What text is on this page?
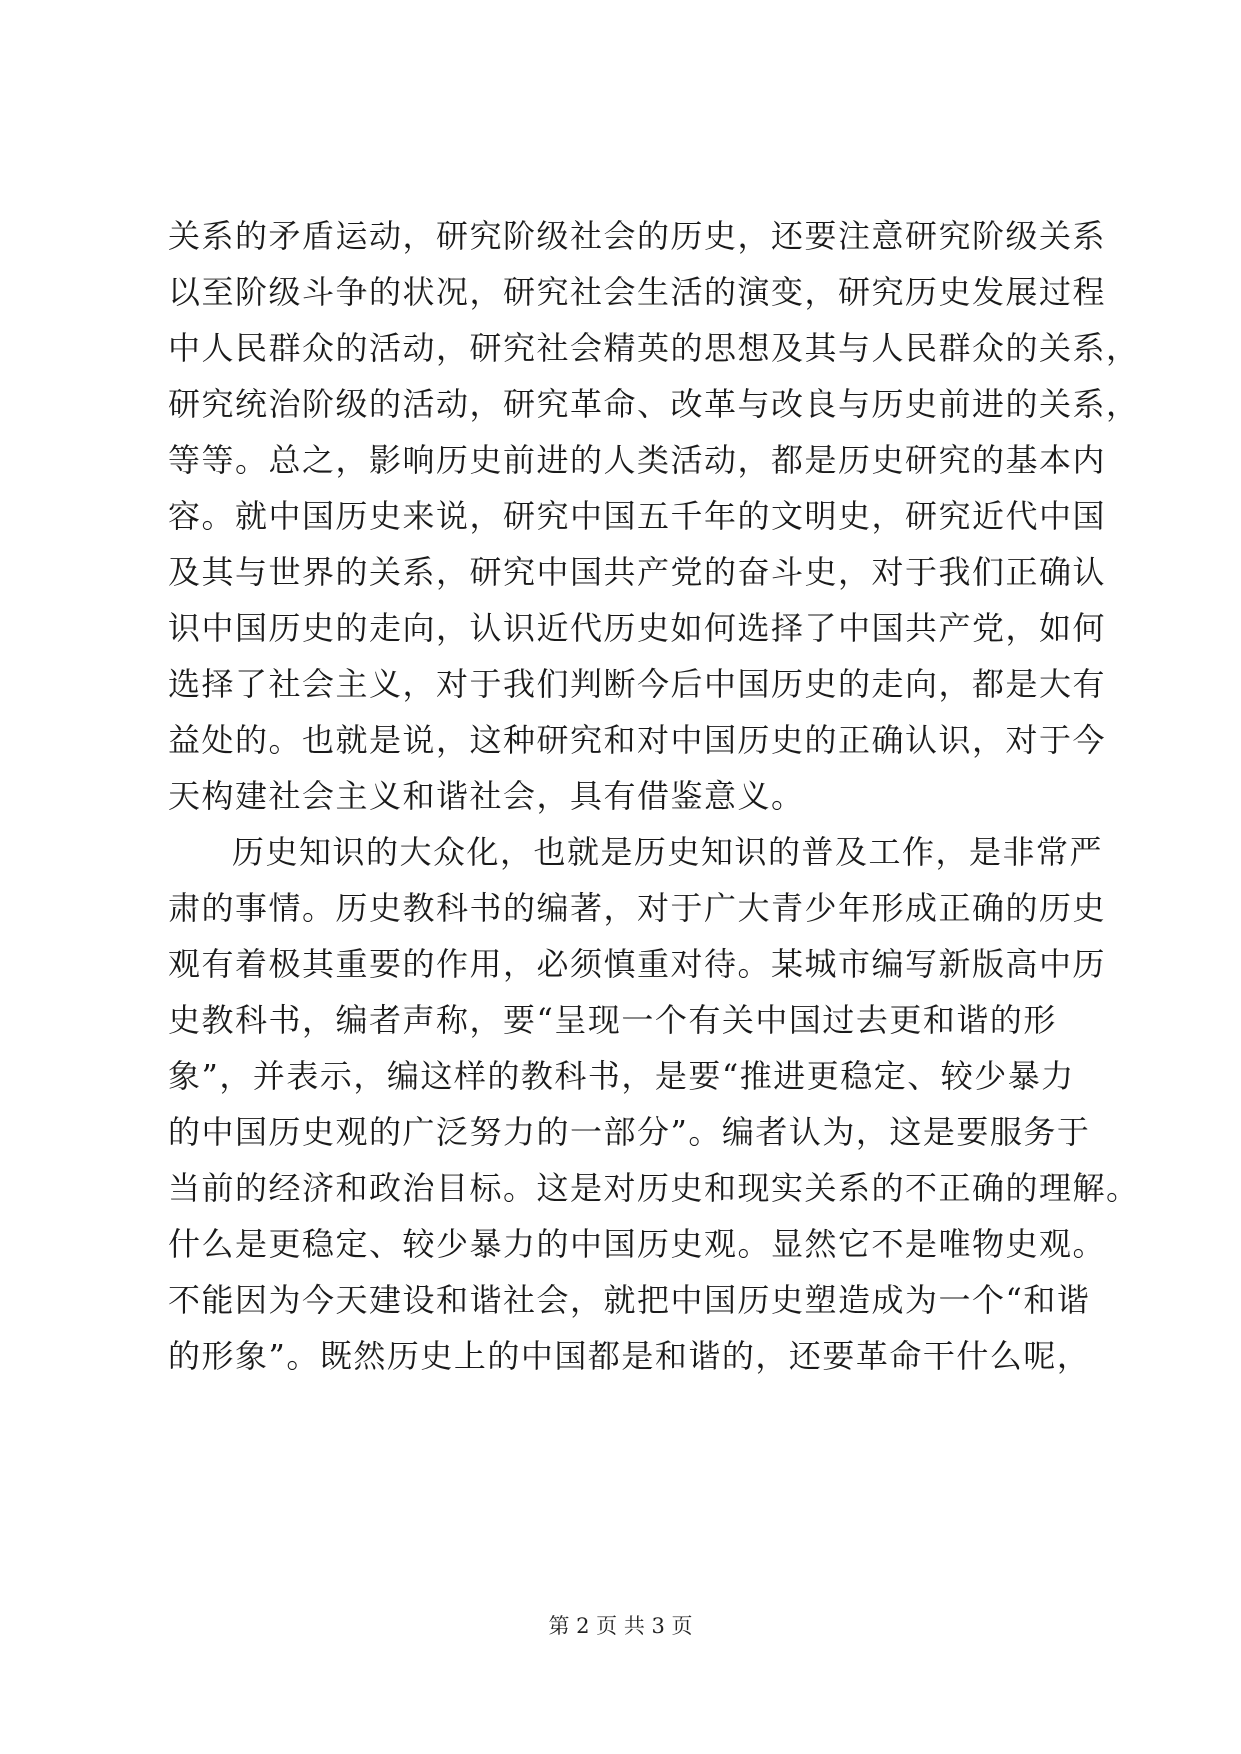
关系的矛盾运动，研究阶级社会的历史，还要注意研究阶级关系
以至阶级斗争的状况，研究社会生活的演变，研究历史发展过程
中人民群众的活动，研究社会精英的思想及其与人民群众的关系，
研究统治阶级的活动，研究革命、改革与改良与历史前进的关系，
等等。总之，影响历史前进的人类活动，都是历史研究的基本内
容。就中国历史来说，研究中国五千年的文明史，研究近代中国
及其与世界的关系，研究中国共产党的奋斗史，对于我们正确认
识中国历史的走向，认识近代历史如何选择了中国共产党，如何
选择了社会主义，对于我们判断今后中国历史的走向，都是大有
益处的。也就是说，这种研究和对中国历史的正确认识，对于今
天构建社会主义和谐社会，具有借鉴意义。
历史知识的大众化，也就是历史知识的普及工作，是非常严
肃的事情。历史教科书的编著，对于广大青少年形成正确的历史
观有着极其重要的作用，必须慎重对待。某城市编写新版高中历
史教科书，编者声称，要“呈现一个有关中国过去更和谐的形
象”，并表示，编这样的教科书，是要“推进更稳定、较少暴力
的中国历史观的广泛努力的一部分”。编者认为，这是要服务于
当前的经济和政治目标。这是对历史和现实关系的不正确的理解。
什么是更稳定、较少暴力的中国历史观。显然它不是唯物史观。
不能因为今天建设和谐社会，就把中国历史塑造成为一个“和谐
的形象”。既然历史上的中国都是和谐的，还要革命干什么呢，
第 2 页 共 3 页
